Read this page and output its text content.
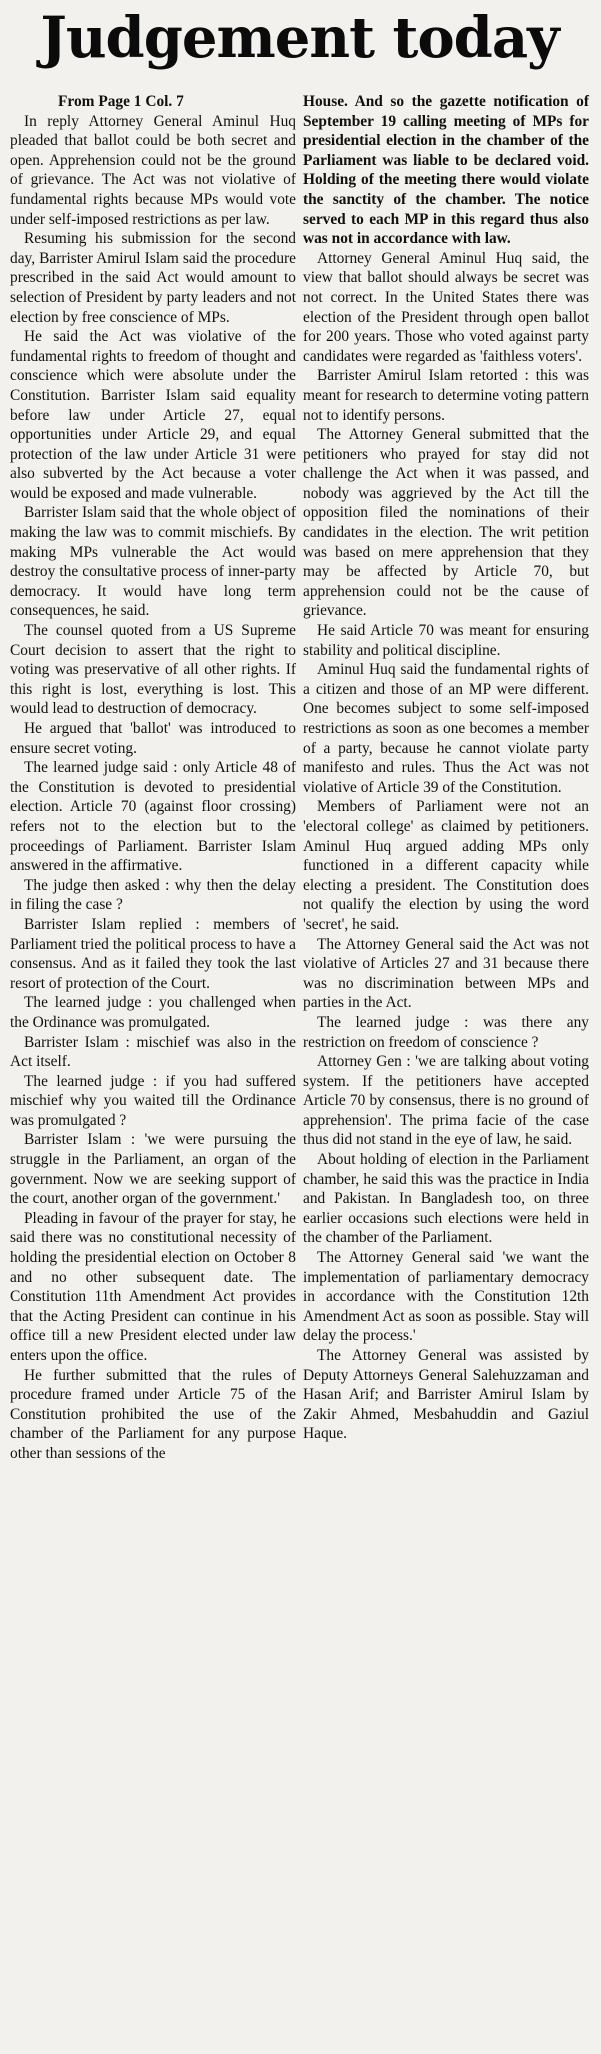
Judgement today
From Page 1 Col. 7

In reply Attorney General Aminul Huq pleaded that ballot could be both secret and open. Apprehension could not be the ground of grievance. The Act was not violative of fundamental rights because MPs would vote under self-imposed restrictions as per law.

Resuming his submission for the second day, Barrister Amirul Islam said the procedure prescribed in the said Act would amount to selection of President by party leaders and not election by free conscience of MPs.

He said the Act was violative of the fundamental rights to freedom of thought and conscience which were absolute under the Constitution. Barrister Islam said equality before law under Article 27, equal opportunities under Article 29, and equal protection of the law under Article 31 were also subverted by the Act because a voter would be exposed and made vulnerable.

Barrister Islam said that the whole object of making the law was to commit mischiefs. By making MPs vulnerable the Act would destroy the consultative process of inner-party democracy. It would have long term consequences, he said.

The counsel quoted from a US Supreme Court decision to assert that the right to voting was preservative of all other rights. If this right is lost, everything is lost. This would lead to destruction of democracy.

He argued that 'ballot' was introduced to ensure secret voting.

The learned judge said : only Article 48 of the Constitution is devoted to presidential election. Article 70 (against floor crossing) refers not to the election but to the proceedings of Parliament. Barrister Islam answered in the affirmative.

The judge then asked : why then the delay in filing the case ?

Barrister Islam replied : members of Parliament tried the political process to have a consensus. And as it failed they took the last resort of protection of the Court.

The learned judge : you challenged when the Ordinance was promulgated.

Barrister Islam : mischief was also in the Act itself.

The learned judge : if you had suffered mischief why you waited till the Ordinance was promulgated ?

Barrister Islam : 'we were pursuing the struggle in the Parliament, an organ of the government. Now we are seeking support of the court, another organ of the government.'

Pleading in favour of the prayer for stay, he said there was no constitutional necessity of holding the presidential election on October 8 and no other subsequent date. The Constitution 11th Amendment Act provides that the Acting President can continue in his office till a new President elected under law enters upon the office.

He further submitted that the rules of procedure framed under Article 75 of the Constitution prohibited the use of the chamber of the Parliament for any purpose other than sessions of the

House. And so the gazette notification of September 19 calling meeting of MPs for presidential election in the chamber of the Parliament was liable to be declared void. Holding of the meeting there would violate the sanctity of the chamber. The notice served to each MP in this regard thus also was not in accordance with law.

Attorney General Aminul Huq said, the view that ballot should always be secret was not correct. In the United States there was election of the President through open ballot for 200 years. Those who voted against party candidates were regarded as 'faithless voters'.

Barrister Amirul Islam retorted : this was meant for research to determine voting pattern not to identify persons.

The Attorney General submitted that the petitioners who prayed for stay did not challenge the Act when it was passed, and nobody was aggrieved by the Act till the opposition filed the nominations of their candidates in the election. The writ petition was based on mere apprehension that they may be affected by Article 70, but apprehension could not be the cause of grievance.

He said Article 70 was meant for ensuring stability and political discipline.

Aminul Huq said the fundamental rights of a citizen and those of an MP were different. One becomes subject to some self-imposed restrictions as soon as one becomes a member of a party, because he cannot violate party manifesto and rules. Thus the Act was not violative of Article 39 of the Constitution.

Members of Parliament were not an 'electoral college' as claimed by petitioners. Aminul Huq argued adding MPs only functioned in a different capacity while electing a president. The Constitution does not qualify the election by using the word 'secret', he said.

The Attorney General said the Act was not violative of Articles 27 and 31 because there was no discrimination between MPs and parties in the Act.

The learned judge : was there any restriction on freedom of conscience ?

Attorney Gen : 'we are talking about voting system. If the petitioners have accepted Article 70 by consensus, there is no ground of apprehension'. The prima facie of the case thus did not stand in the eye of law, he said.

About holding of election in the Parliament chamber, he said this was the practice in India and Pakistan. In Bangladesh too, on three earlier occasions such elections were held in the chamber of the Parliament.

The Attorney General said 'we want the implementation of parliamentary democracy in accordance with the Constitution 12th Amendment Act as soon as possible. Stay will delay the process.'

The Attorney General was assisted by Deputy Attorneys General Salehuzzaman and Hasan Arif; and Barrister Amirul Islam by Zakir Ahmed, Mesbahuddin and Gaziul Haque.
